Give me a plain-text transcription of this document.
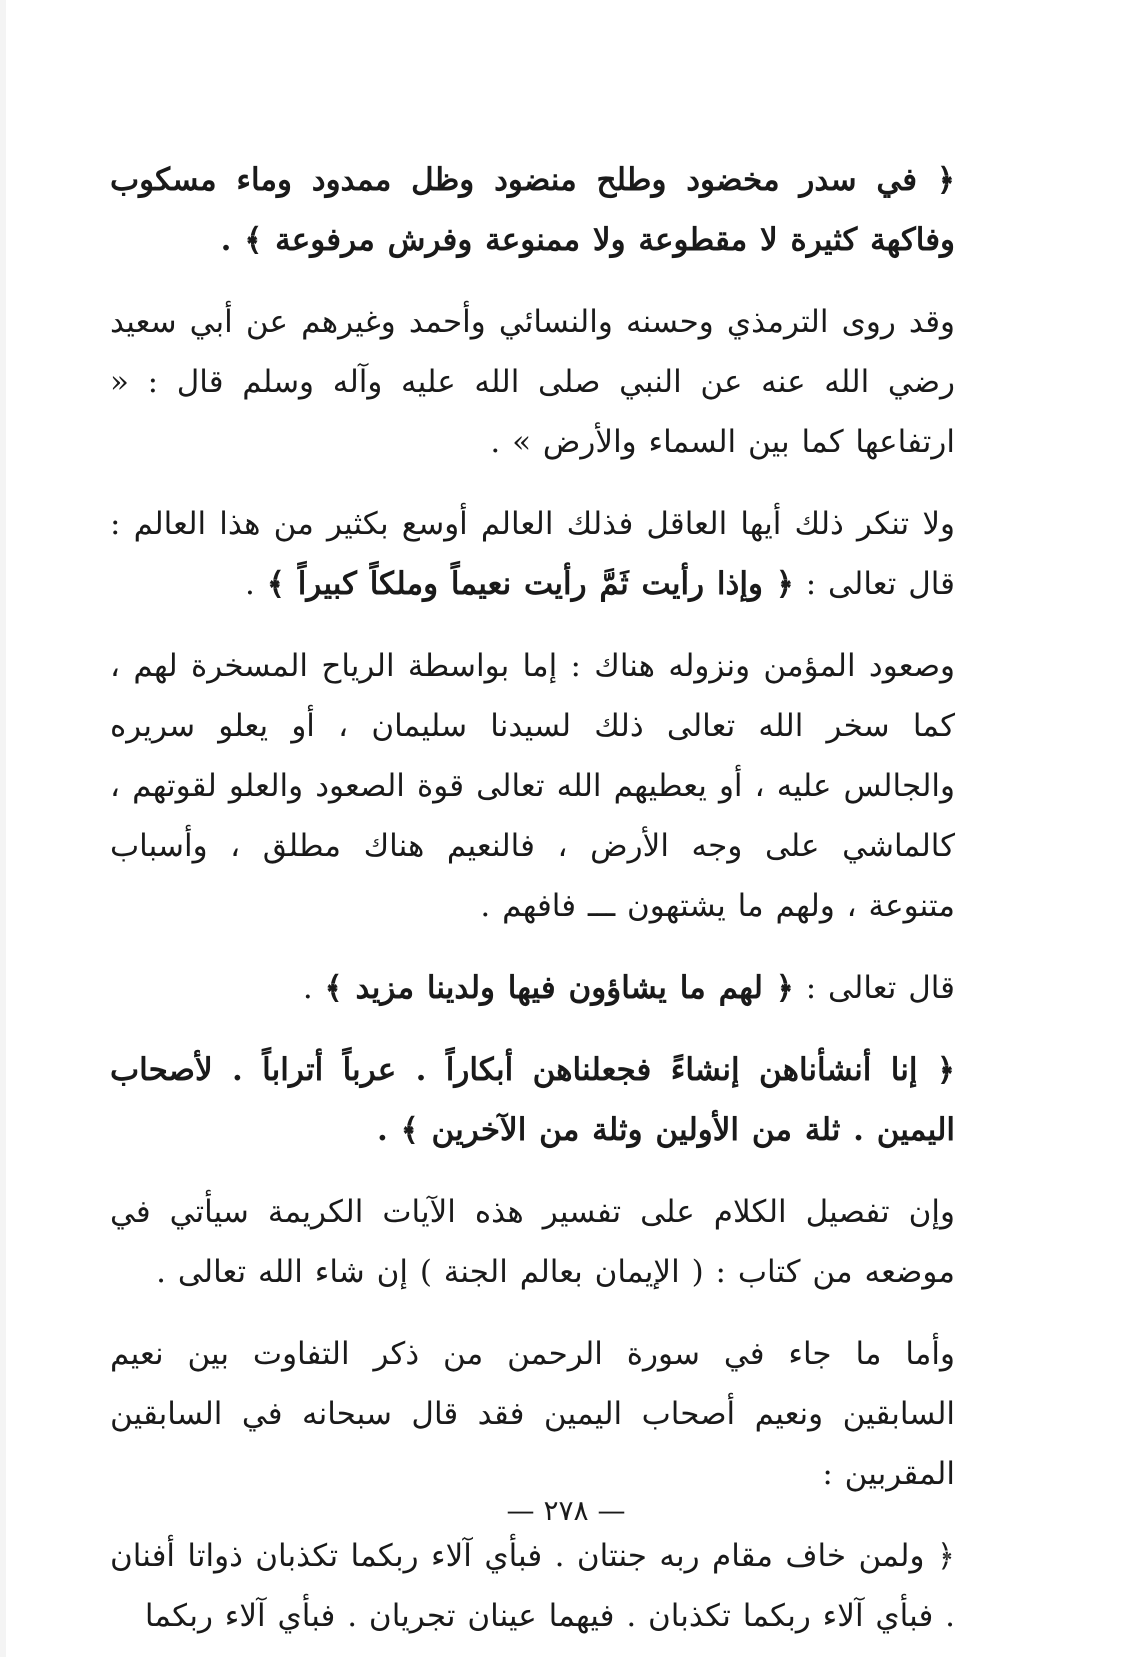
﴿ في سدر مخضود وطلح منضود وظل ممدود وماء مسكوب وفاكهة كثيرة لا مقطوعة ولا ممنوعة وفرش مرفوعة ﴾ .

وقد روى الترمذي وحسنه والنسائي وأحمد وغيرهم عن أبي سعيد رضي الله عنه عن النبي صلى الله عليه وآله وسلم قال : « ارتفاعها كما بين السماء والأرض » .

ولا تنكر ذلك أيها العاقل فذلك العالم أوسع بكثير من هذا العالم : قال تعالى : ﴿ وإذا رأيت ثَمَّ رأيت نعيماً وملكاً كبيراً ﴾ .

وصعود المؤمن ونزوله هناك : إما بواسطة الرياح المسخرة لهم ، كما سخر الله تعالى ذلك لسيدنا سليمان ، أو يعلو سريره والجالس عليه ، أو يعطيهم الله تعالى قوة الصعود والعلو لقوتهم ، كالماشي على وجه الأرض ، فالنعيم هناك مطلق ، وأسباب متنوعة ، ولهم ما يشتهون ـــ فافهم .

قال تعالى : ﴿ لهم ما يشاؤون فيها ولدينا مزيد ﴾ .

﴿ إنا أنشأناهن إنشاءً فجعلناهن أبكاراً . عرباً أتراباً . لأصحاب اليمين . ثلة من الأولين وثلة من الآخرين ﴾ .

وإن تفصيل الكلام على تفسير هذه الآيات الكريمة سيأتي في موضعه من كتاب : ( الإيمان بعالم الجنة ) إن شاء الله تعالى .

وأما ما جاء في سورة الرحمن من ذكر التفاوت بين نعيم السابقين ونعيم أصحاب اليمين فقد قال سبحانه في السابقين المقربين :

﴿ ولمن خاف مقام ربه جنتان . فبأي آلاء ربكما تكذبان ذواتا أفنان . فبأي آلاء ربكما تكذبان . فيهما عينان تجريان . فبأي آلاء ربكما

— ٢٧٨ —
